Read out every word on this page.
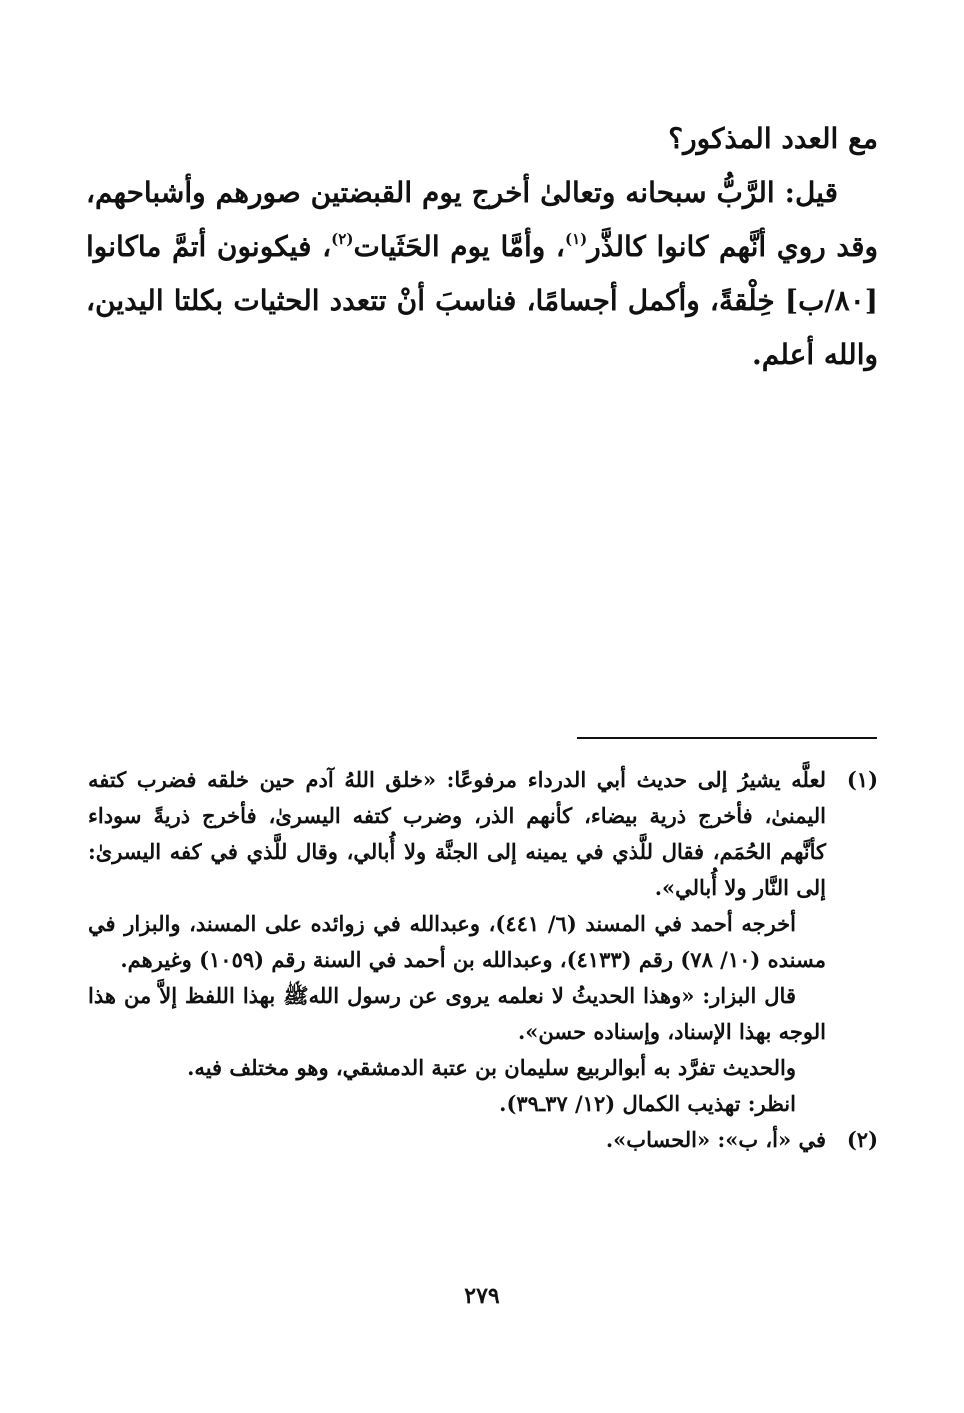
مع العدد المذكور؟

قيل: الرَّبُّ سبحانه وتعالىٰ أخرج يوم القبضتين صورهم وأشباحهم، وقد روي أنَّهم كانوا كالذَّر$^{(١)}$، وأمَّا يوم الحَثَيات$^{(٢)}$، فيكونون أتمَّ ماكانوا [٨٠/ب] خِلْقةً، وأكمل أجسامًا، فناسبَ أنْ تتعدد الحثيات بكلتا اليدين، والله أعلم.

(١)

لعلَّه يشيرُ إلى حديث أبي الدرداء مرفوعًا: «خلق اللهُ آدم حين خلقه فضرب كتفه اليمنىٰ، فأخرج ذرية بيضاء، كأنهم الذر، وضرب كتفه اليسرىٰ، فأخرج ذريةً سوداء كأنَّهم الحُمَم، فقال للَّذي في يمينه إلى الجنَّة ولا أُبالي، وقال للَّذي في كفه اليسرىٰ: إلى النَّار ولا أُبالي».

أخرجه أحمد في المسند (٦/ ٤٤١)، وعبدالله في زوائده على المسند، والبزار في مسنده (١٠/ ٧٨) رقم (٤١٣٣)، وعبدالله بن أحمد في السنة رقم (١٠٥٩) وغيرهم.

قال البزار: «وهذا الحديثُ لا نعلمه يروى عن رسول اللهﷺ بهذا اللفظ إلاَّ من هذا الوجه بهذا الإسناد، وإسناده حسن».

والحديث تفرَّد به أبوالربيع سليمان بن عتبة الدمشقي، وهو مختلف فيه.

انظر: تهذيب الكمال (١٢/ ٣٧ـ٣٩).

(٢)

في «أ، ب»: «الحساب».

٢٧٩
